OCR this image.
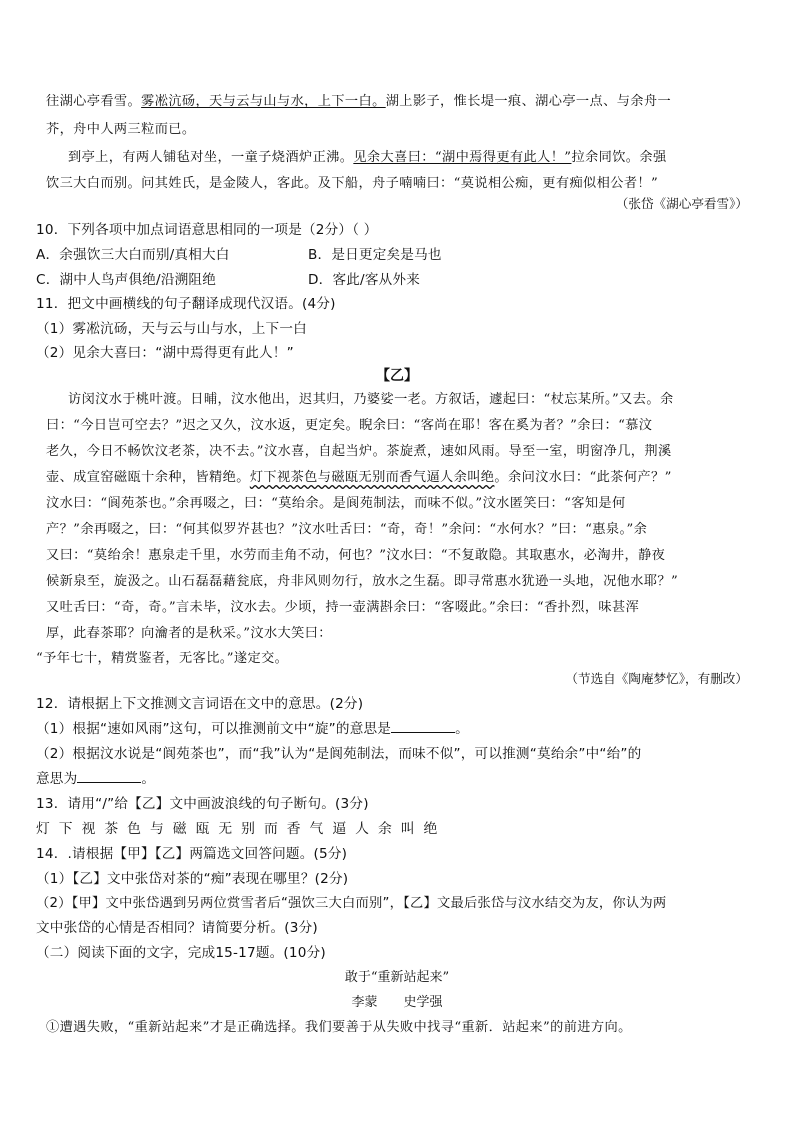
往湖心亭看雪。雾凇沆砀，天与云与山与水，上下一白。湖上影子，惟长堤一痕、湖心亭一点、与余舟一
芥，舟中人两三粒而已。
到亭上，有两人铺毡对坐，一童子烧酒炉正沸。见余大喜曰：“湖中焉得更有此人！”拉余同饮。余强
饮三大白而别。问其姓氏，是金陵人，客此。及下船，舟子喃喃曰：“莫说相公痴，更有痴似相公者！”
（张岱《湖心亭看雪》）
10．下列各项中加点词语意思相同的一项是（2分）（ ）
A．余强饮三大白而别/真相大白	B．是日更定矣是马也
C．湖中人鸟声俱绝/沿溯阻绝	D．客此/客从外来
11．把文中画横线的句子翻译成现代汉语。(4分)
（1）雾凇沆砀，天与云与山与水，上下一白
（2）见余大喜曰：“湖中焉得更有此人！”
【乙】
访闵汶水于桃叶渡。日晡，汶水他出，迟其归，乃婆娑一老。方叙话，遽起曰：“杖忘某所。”又去。余
曰：“今日岂可空去？”迟之又久，汶水返，更定矣。睨余曰：“客尚在耶！客在奚为者？”余曰：“慕汶
老久，今日不畅饮汶老茶，决不去。”汶水喜，自起当炉。茶旋煮，速如风雨。导至一室，明窗净几，荆溪
壶、成宣窑磁瓯十余种，皆精绝。灯下视茶色与磁瓯无别而香气逼人余叫绝。余问汶水曰：“此茶何产？”
汶水曰：“阆苑茶也。”余再啜之，曰：“莫绐余。是阆苑制法，而味不似。”汶水匿笑曰：“客知是何
产？”余再啜之，曰：“何其似罗岕甚也？”汶水吐舌曰：“奇，奇！”余问：“水何水？”曰：“惠泉。”余
又曰：“莫绐余！惠泉走千里，水劳而圭角不动，何也？”汶水曰：“不复敢隐。其取惠水，必淘井，静夜
候新泉至，旋汲之。山石磊磊藉瓮底，舟非风则勿行，放水之生磊。即寻常惠水犹逊一头地，况他水耶？”
又吐舌曰：“奇，奇。”言未毕，汶水去。少顷，持一壶满斟余曰：“客啜此。”余曰：“香扑烈，味甚浑
厚，此春茶耶？向瀹者的是秋采。”汶水大笑曰：
“予年七十，精赏鉴者，无客比。”遂定交。
（节选自《陶庵梦忆》，有删改）
12．请根据上下文推测文言词语在文中的意思。(2分)
（1）根据“速如风雨”这句，可以推测前文中“旋”的意思是	。
（2）根据汶水说是“阆苑茶也”，而“我”认为“是阆苑制法，而味不似”，可以推测“莫绐余”中“绐”的
意思为	。
13．请用“/”给【乙】文中画波浪线的句子断句。(3分)
灯下视茶色与磁瓯无别而香气逼人余叫绝
14．.请根据【甲】【乙】两篇选文回答问题。(5分)
（1）【乙】文中张岱对茶的“痴”表现在哪里？(2分)
（2）【甲】文中张岱遇到另两位赏雪者后“强饮三大白而别”，【乙】文最后张岱与汶水结交为友，你认为两
文中张岱的心情是否相同？请简要分析。(3分)
（二）阅读下面的文字，完成15-17题。(10分)
敢于“重新站起来”
李蒙　　史学强
①遭遇失败，“重新站起来”才是正确选择。我们要善于从失败中找寻“重新．站起来”的前进方向。
